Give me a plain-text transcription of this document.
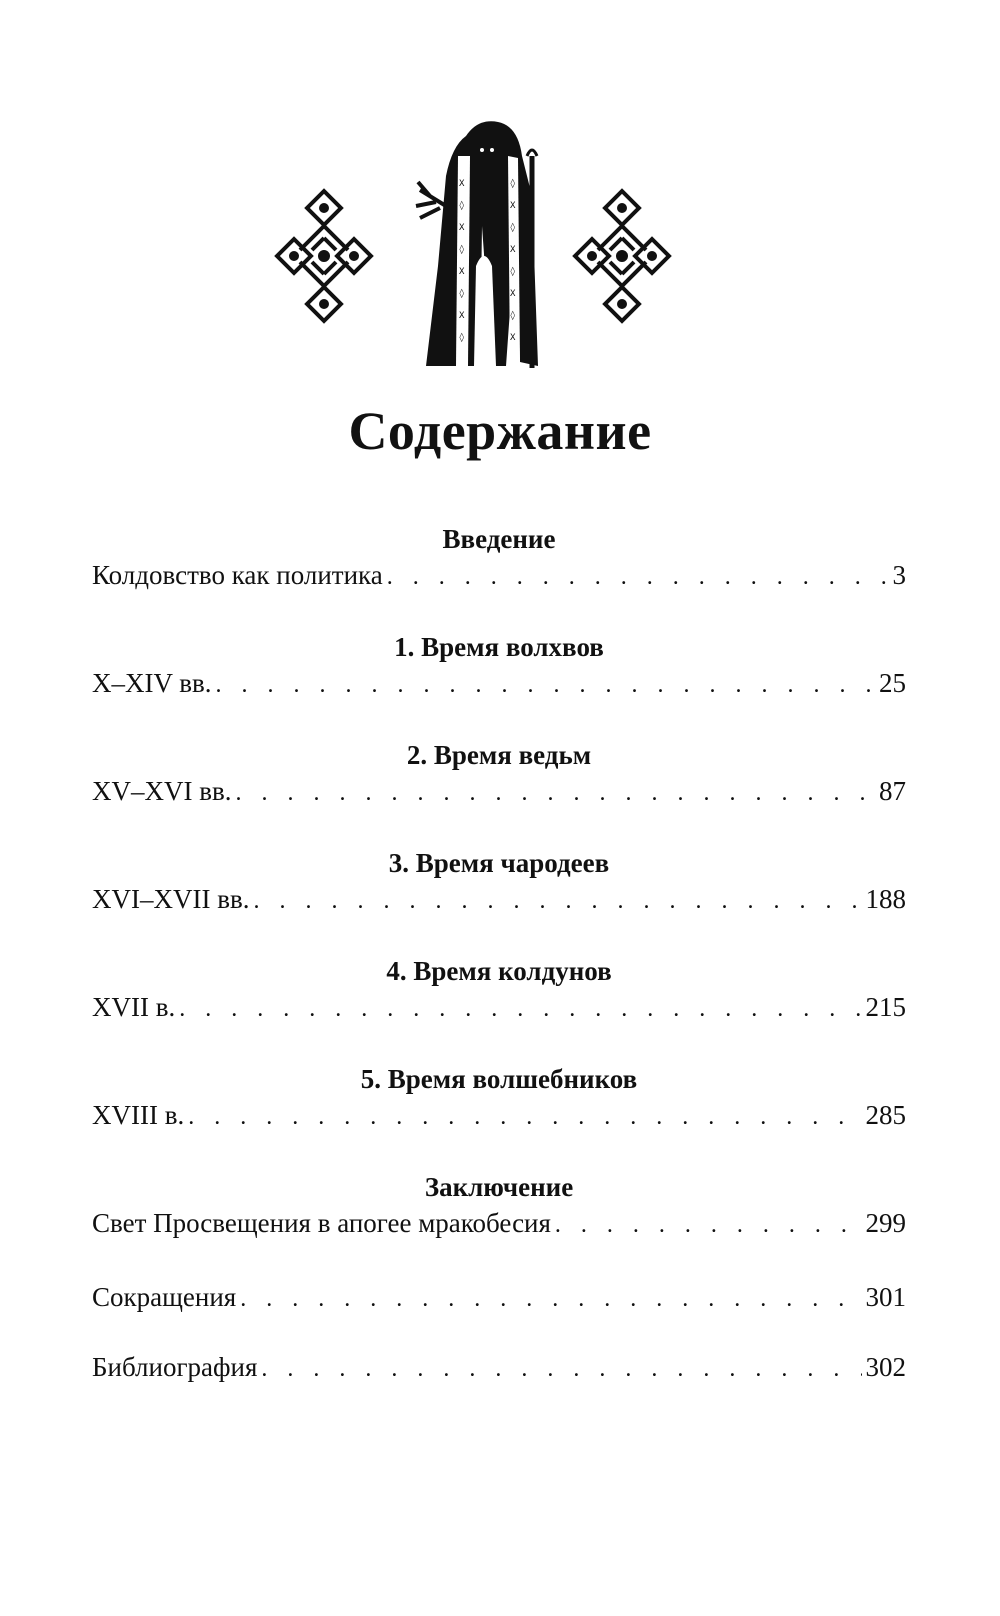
X
◊
X
◊
X
◊
X
◊
◊
X
◊
X
◊
X
◊
X
Содержание
Введение
Колдовство как политика . . .	3
1. Время волхвов
X–XIV вв. . . .	25
2. Время ведьм
XV–XVI вв. . . .	87
3. Время чародеев
XVI–XVII вв. . . .	188
4. Время колдунов
XVII в. . . .	215
5. Время волшебников
XVIII в. . . .	285
Заключение
Свет Просвещения в апогее мракобесия . . .	299
Сокращения . . .	301
Библиография . . .	302
